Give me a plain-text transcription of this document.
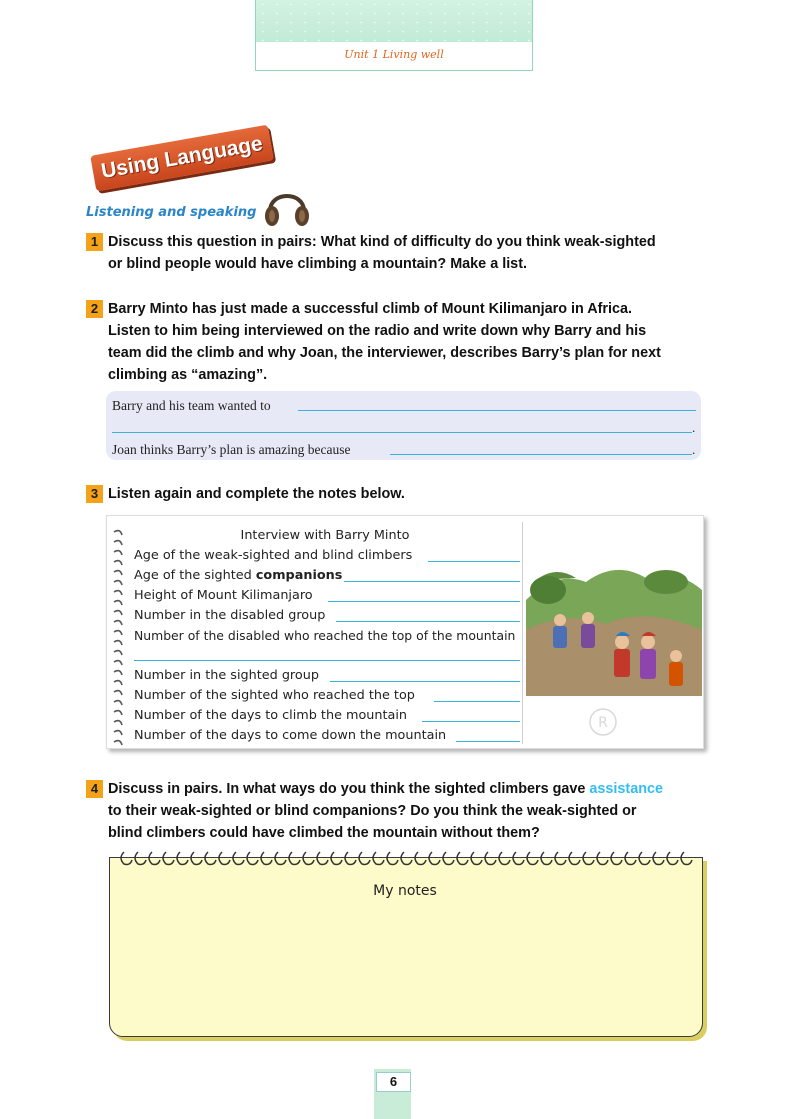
Unit 1 Living well
Using Language
Listening and speaking
1 Discuss this question in pairs: What kind of difficulty do you think weak-sighted
or blind people would have climbing a mountain? Make a list.
2 Barry Minto has just made a successful climb of Mount Kilimanjaro in Africa.
Listen to him being interviewed on the radio and write down why Barry and his
team did the climb and why Joan, the interviewer, describes Barry’s plan for next
climbing as “amazing”.
Barry and his team wanted to
.
Joan thinks Barry’s plan is amazing because	.
3 Listen again and complete the notes below.
Interview with Barry Minto
Age of the weak-sighted and blind climbers
Age of the sighted companions
Height of Mount Kilimanjaro
Number in the disabled group
Number of the disabled who reached the top of the mountain
Number in the sighted group
Number of the sighted who reached the top
Number of the days to climb the mountain
Number of the days to come down the mountain
R
4 Discuss in pairs. In what ways do you think the sighted climbers gave assistance
to their weak-sighted or blind companions? Do you think the weak-sighted or
blind climbers could have climbed the mountain without them?
My notes
6
